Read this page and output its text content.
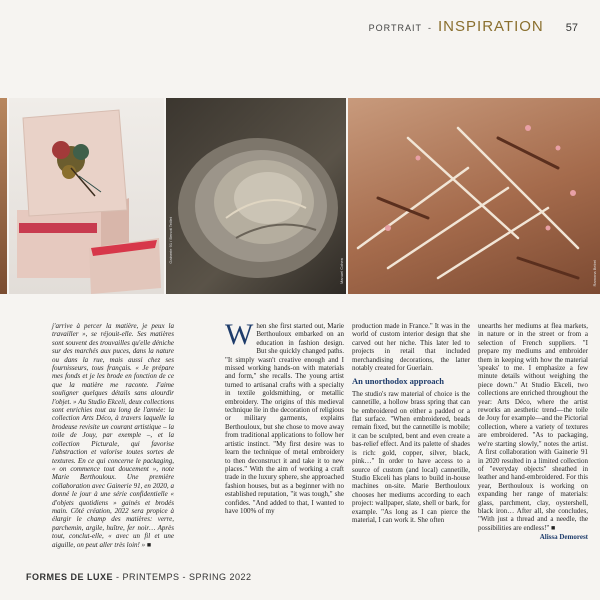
PORTRAIT - INSPIRATION 57
Gainerie 91 / Benoit Teillet
Manuel Cohen	Ramona Bebel

j'arrive à percer la matière, je peux la travailler », se réjouit-elle. Ses matières sont souvent des trouvailles qu'elle déniche sur des marchés aux puces, dans la nature ou dans la rue, mais aussi chez ses fournisseurs, tous français. « Je prépare mes fonds et je les brode en fonction de ce que la matière me raconte. J'aime souligner quelques détails sans alourdir l'objet. » Au Studio Ekceli, deux collections sont enrichies tout au long de l'année: la collection Arts Déco, à travers laquelle la brodeuse revisite un courant artistique – la toile de Jouy, par exemple –, et la collection Picturale, qui favorise l'abstraction et valorise toutes sortes de textures. En ce qui concerne le packaging, « on commence tout doucement », note Marie Berthouloux. Une première collaboration avec Gainerie 91, en 2020, a donné le jour à une série confidentielle « d'objets quotidiens » gainés et brodés main. Côté création, 2022 sera propice à élargir le champ des matières: verre, parchemin, argile, huître, fer noir… Après tout, conclut-elle, « avec un fil et une aiguille, on peut aller très loin! » ■

W hen she first started out, Marie Berthouloux embarked on an education in fashion design. But she quickly changed paths. "It simply wasn't creative enough and I missed working hands-on with materials and form," she recalls. The young artist turned to artisanal crafts with a specialty in textile goldsmithing, or metallic embroidery. The origins of this medieval technique lie in the decoration of religious or military garments, explains Berthouloux, but she chose to move away from traditional applications to follow her artistic instinct. "My first desire was to learn the technique of metal embroidery to then deconstruct it and take it to new places." With the aim of working a craft trade in the luxury sphere, she approached fashion houses, but as a beginner with no established reputation, "it was tough," she confides. "And added to that, I wanted to have 100% of my

production made in France." It was in the world of custom interior design that she carved out her niche. This later led to projects in retail that included merchandising decorations, the latter notably created for Guerlain.

An unorthodox approach

The studio's raw material of choice is the cannetille, a hollow brass spring that can be embroidered on either a padded or a flat surface. "When embroidered, beads remain fixed, but the cannetille is mobile; it can be sculpted, bent and even create a bas-relief effect. And its palette of shades is rich: gold, copper, silver, black, pink…" In order to have access to a source of custom (and local) cannetille, Studio Ekceli has plans to build in-house machines on-site. Marie Berthouloux chooses her mediums according to each project: wallpaper, slate, shell or bark, for example. "As long as I can pierce the material, I can work it. She often

unearths her mediums at flea markets, in nature or in the street or from a selection of French suppliers. "I prepare my mediums and embroider them in keeping with how the material 'speaks' to me. I emphasize a few minute details without weighing the piece down." At Studio Ekceli, two collections are enriched throughout the year: Arts Déco, where the artist reworks an aesthetic trend—the toile de Jouy for example—and the Pictorial collection, where a variety of textures are embroidered. "As to packaging, we're starting slowly," notes the artist. A first collaboration with Gainerie 91 in 2020 resulted in a limited collection of "everyday objects" sheathed in leather and hand-embroidered. For this year, Berthouloux is working on expanding her range of materials: glass, parchment, clay, oystershell, black iron… After all, she concludes, "With just a thread and a needle, the possibilities are endless!" ■

Alissa Demorest
FORMES DE LUXE - PRINTEMPS - SPRING 2022
